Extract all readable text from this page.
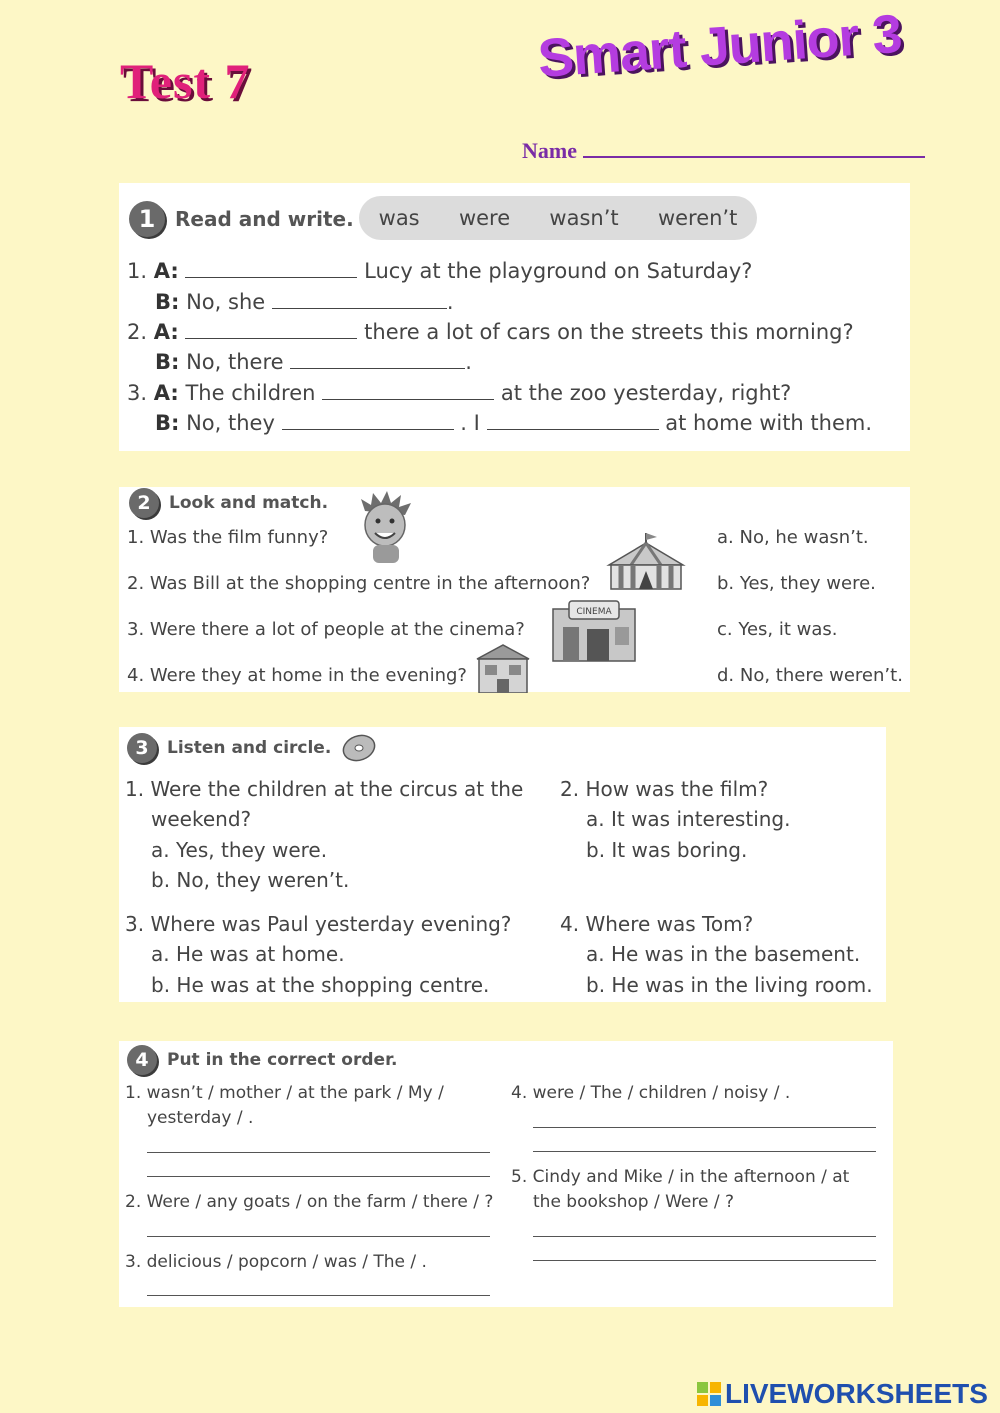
Test 7	Smart Junior 3
Name
1 Read and write. was were wasn’t weren’t
1. A:	Lucy at the playground on Saturday?
B: No, she	.
2. A:	there a lot of cars on the streets this morning?
B: No, there	.
3. A: The children	at the zoo yesterday, right?
B: No, they	. I	at home with them.
2	Look and match.
1. Was the film funny?
2. Was Bill at the shopping centre in the afternoon?
3. Were there a lot of people at the cinema?
4. Were they at home in the evening?
a. No, he wasn’t.
b. Yes, they were.
c. Yes, it was.
d. No, there weren’t.
CINEMA
3	Listen and circle.
1. Were the children at the circus at the
weekend?
a. Yes, they were.
b. No, they weren’t.
2. How was the film?
a. It was interesting.
b. It was boring.
3. Where was Paul yesterday evening?
a. He was at home.
b. He was at the shopping centre.
4. Where was Tom?
a. He was in the basement.
b. He was in the living room.
4	Put in the correct order.
1. wasn’t / mother / at the park / My /
yesterday / .
2. Were / any goats / on the farm / there / ?
3. delicious / popcorn / was / The / .
4. were / The / children / noisy / .
5. Cindy and Mike / in the afternoon / at
the bookshop / Were / ?
LIVEWORKSHEETS
